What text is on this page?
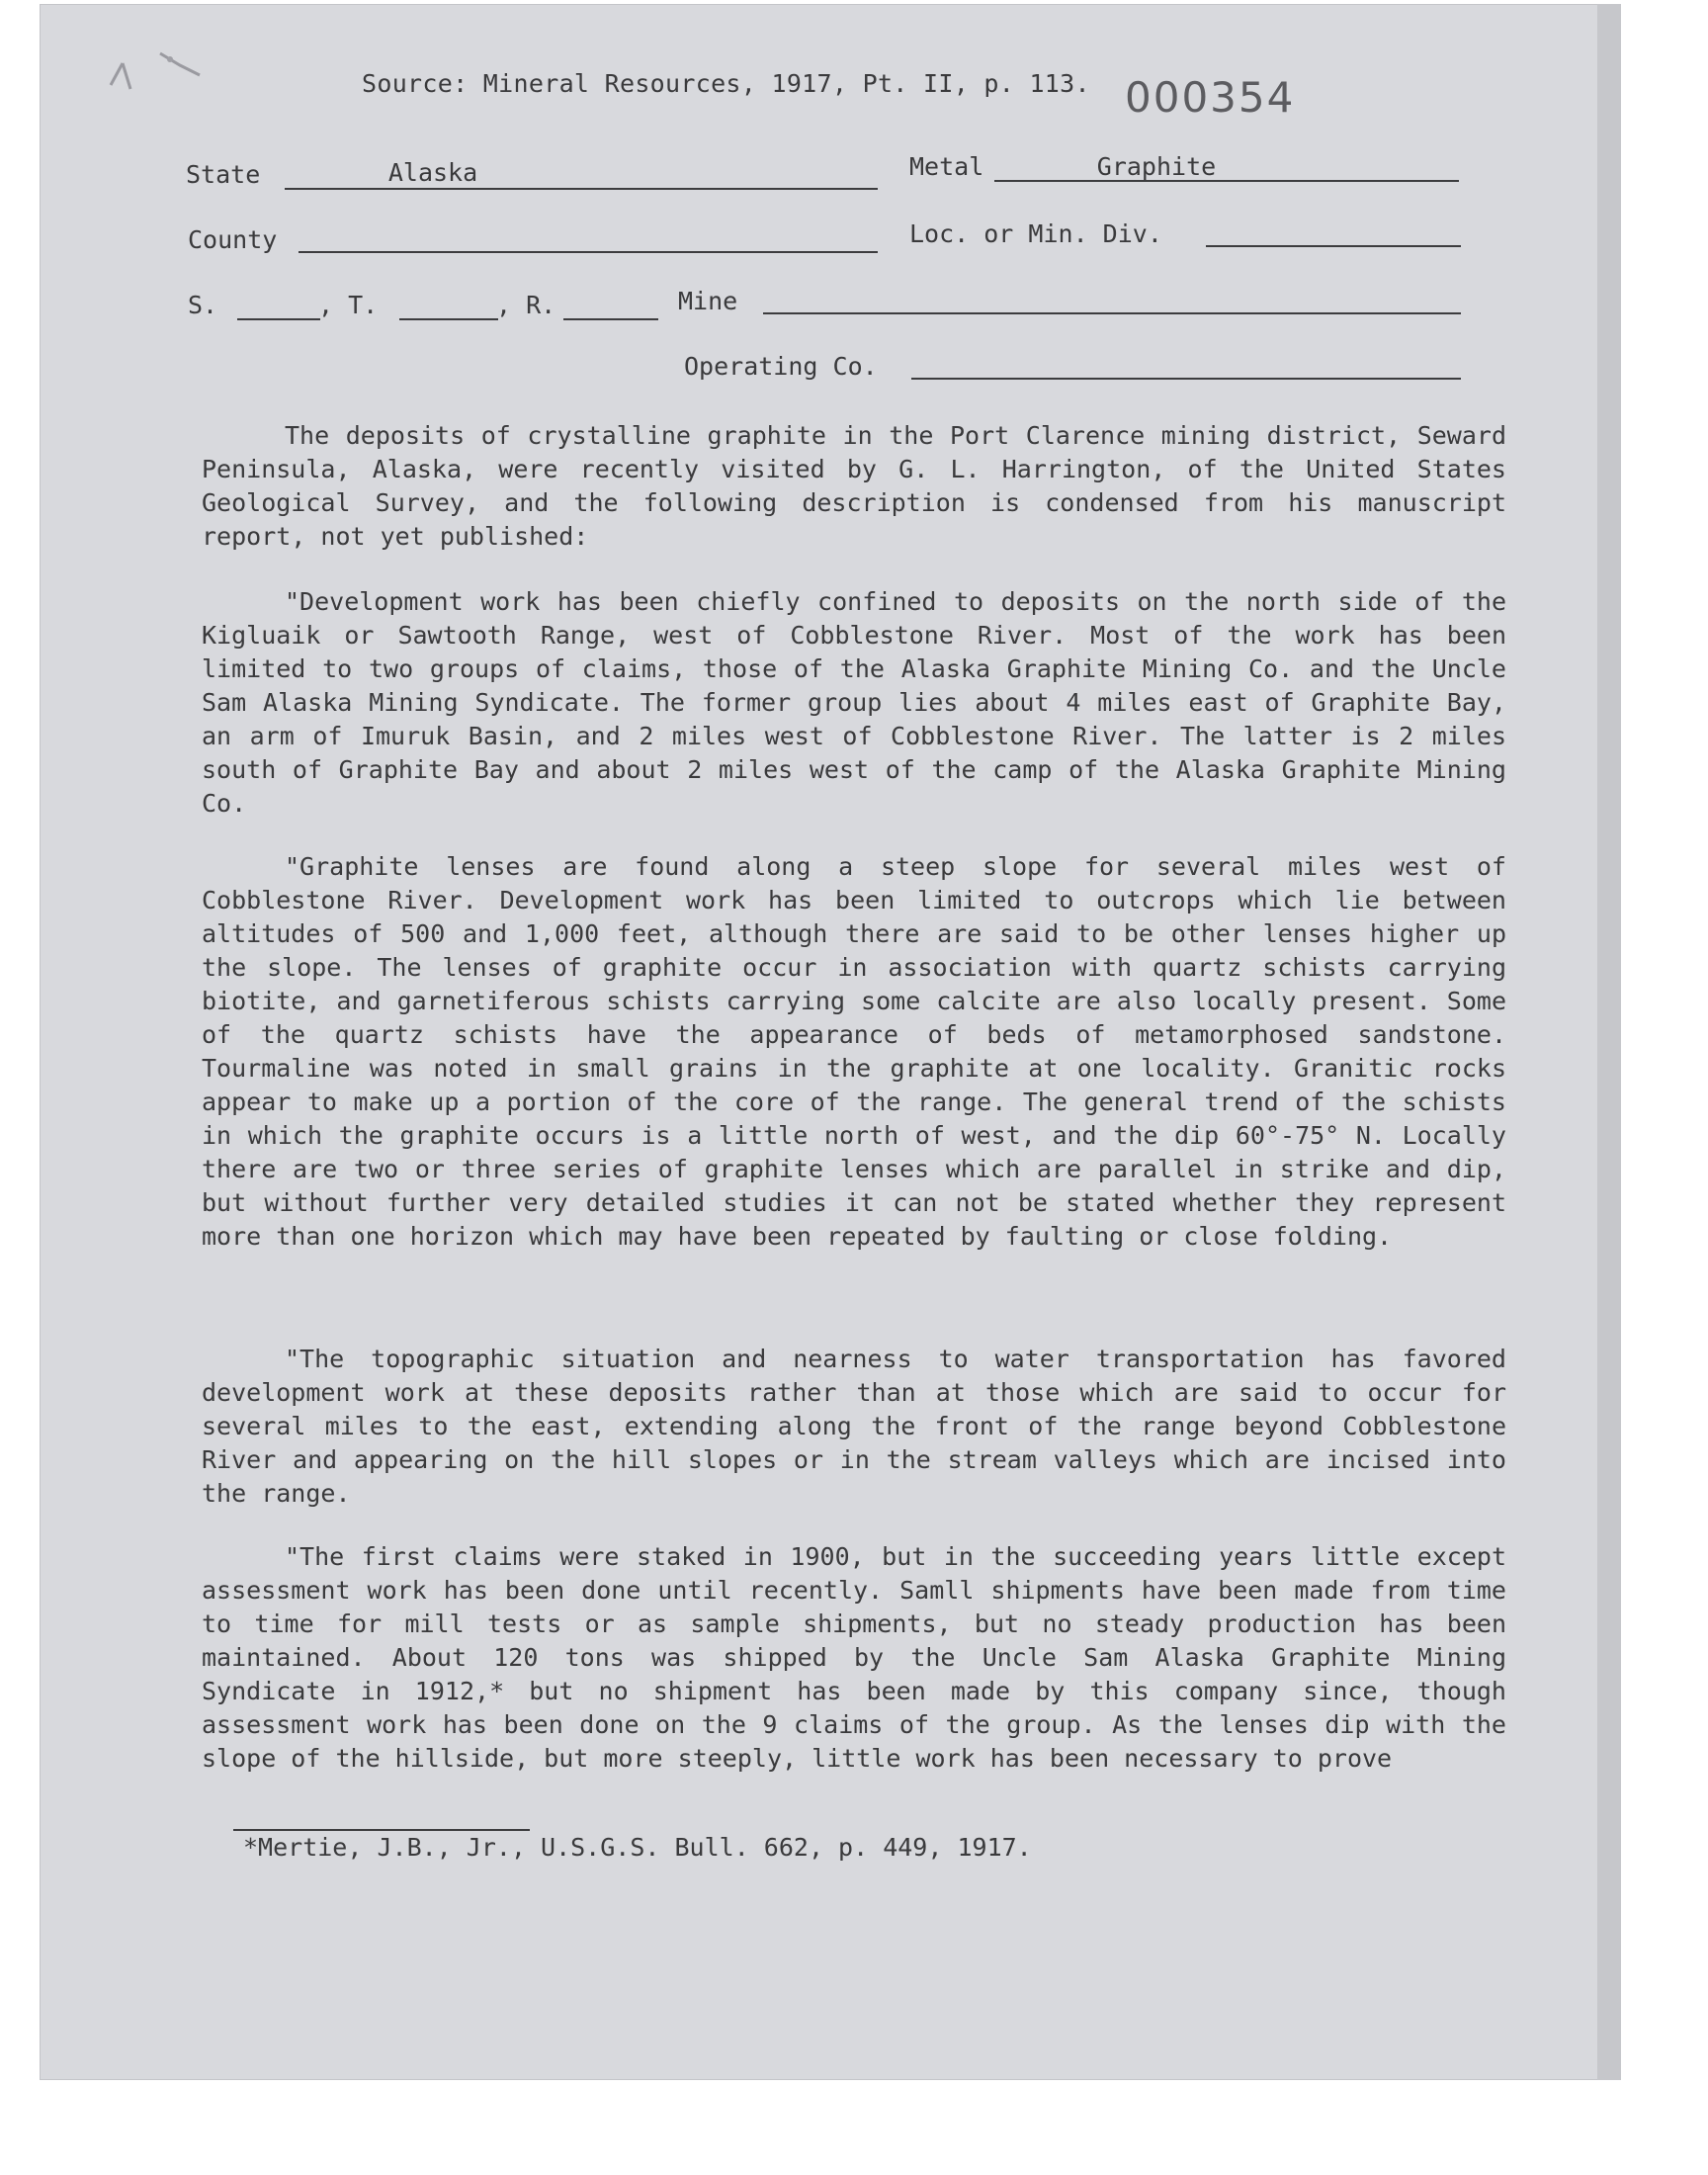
Source: Mineral Resources, 1917, Pt. II, p. 113. 000354
State	Alaska	Metal	Graphite
County	Loc. or Min. Div.
S.	, T.	, R.	Mine
Operating Co.

The deposits of crystalline graphite in the Port Clarence mining district, Seward Peninsula, Alaska, were recently visited by G. L. Harrington, of the United States Geological Survey, and the following description is condensed from his manuscript report, not yet published:

"Development work has been chiefly confined to deposits on the north side of the Kigluaik or Sawtooth Range, west of Cobblestone River. Most of the work has been limited to two groups of claims, those of the Alaska Graphite Mining Co. and the Uncle Sam Alaska Mining Syndicate. The former group lies about 4 miles east of Graphite Bay, an arm of Imuruk Basin, and 2 miles west of Cobblestone River. The latter is 2 miles south of Graphite Bay and about 2 miles west of the camp of the Alaska Graphite Mining Co.

"Graphite lenses are found along a steep slope for several miles west of Cobblestone River. Development work has been limited to outcrops which lie between altitudes of 500 and 1,000 feet, although there are said to be other lenses higher up the slope. The lenses of graphite occur in association with quartz schists carrying biotite, and garnetiferous schists carrying some calcite are also locally present. Some of the quartz schists have the appearance of beds of metamorphosed sandstone. Tourmaline was noted in small grains in the graphite at one locality. Granitic rocks appear to make up a portion of the core of the range. The general trend of the schists in which the graphite occurs is a little north of west, and the dip 60°-75° N. Locally there are two or three series of graphite lenses which are parallel in strike and dip, but without further very detailed studies it can not be stated whether they represent more than one horizon which may have been repeated by faulting or close folding.

"The topographic situation and nearness to water transportation has favored development work at these deposits rather than at those which are said to occur for several miles to the east, extending along the front of the range beyond Cobblestone River and appearing on the hill slopes or in the stream valleys which are incised into the range.

"The first claims were staked in 1900, but in the succeeding years little except assessment work has been done until recently. Samll shipments have been made from time to time for mill tests or as sample shipments, but no steady production has been maintained. About 120 tons was shipped by the Uncle Sam Alaska Graphite Mining Syndicate in 1912,* but no shipment has been made by this company since, though assessment work has been done on the 9 claims of the group. As the lenses dip with the slope of the hillside, but more steeply, little work has been necessary to prove

*Mertie, J.B., Jr., U.S.G.S. Bull. 662, p. 449, 1917.
